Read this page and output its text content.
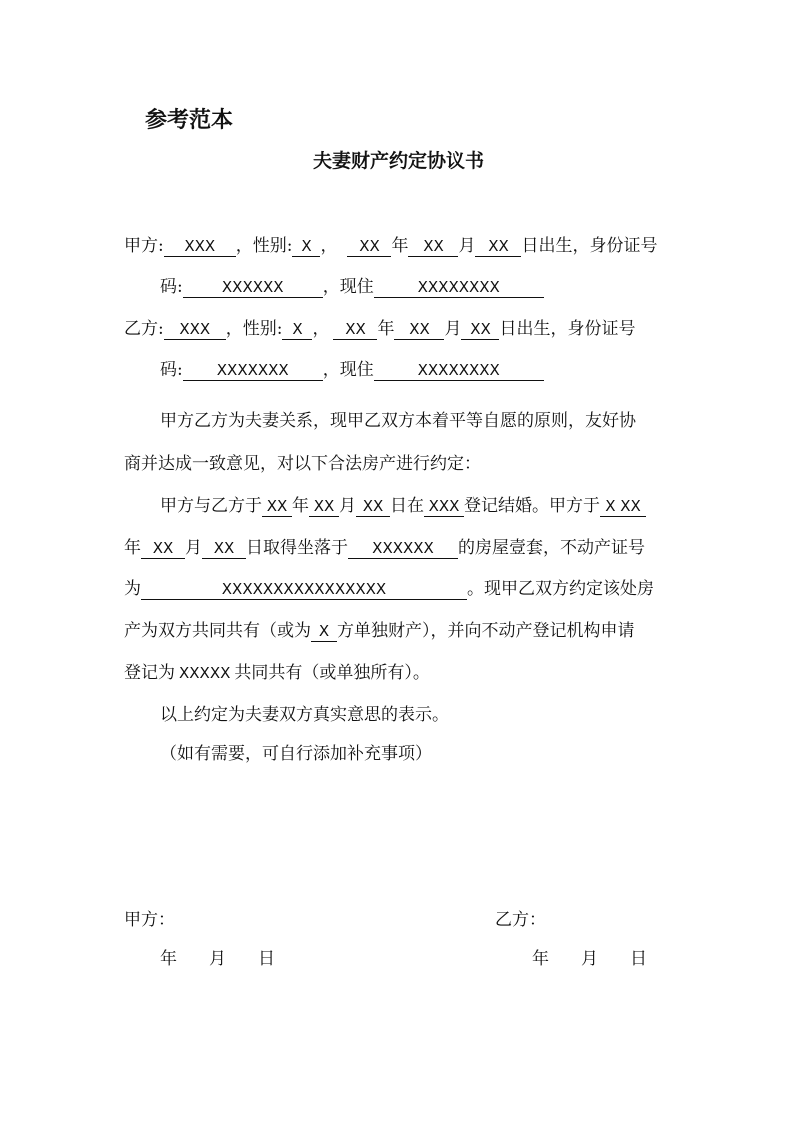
参考范本
夫妻财产约定协议书
甲方: XXX ，性别: X ， XX 年 XX 月 XX 日出生，身份证号
码:	XXXXXX ，现住	XXXXXXXX
乙方: XXX ，性别: X ， XX 年 XX 月 XX 日出生，身份证号
码: XXXXXXX ，现住	XXXXXXXX
甲方乙方为夫妻关系，现甲乙双方本着平等自愿的原则，友好协
商并达成一致意见，对以下合法房产进行约定：
甲方与乙方于 XX 年 XX 月 XX 日在 XXX 登记结婚。甲方于 X XX
年 XX 月 XX 日取得坐落于 XXXXXX 的房屋壹套，不动产证号
为	XXXXXXXXXXXXXXXX	。现甲乙双方约定该处房
产为双方共同共有（或为 X 方单独财产），并向不动产登记机构申请
登记为 XXXXX 共同共有（或单独所有）。
以上约定为夫妻双方真实意思的表示。
（如有需要，可自行添加补充事项）
甲方：	乙方：
年 月 日	年 月 日
